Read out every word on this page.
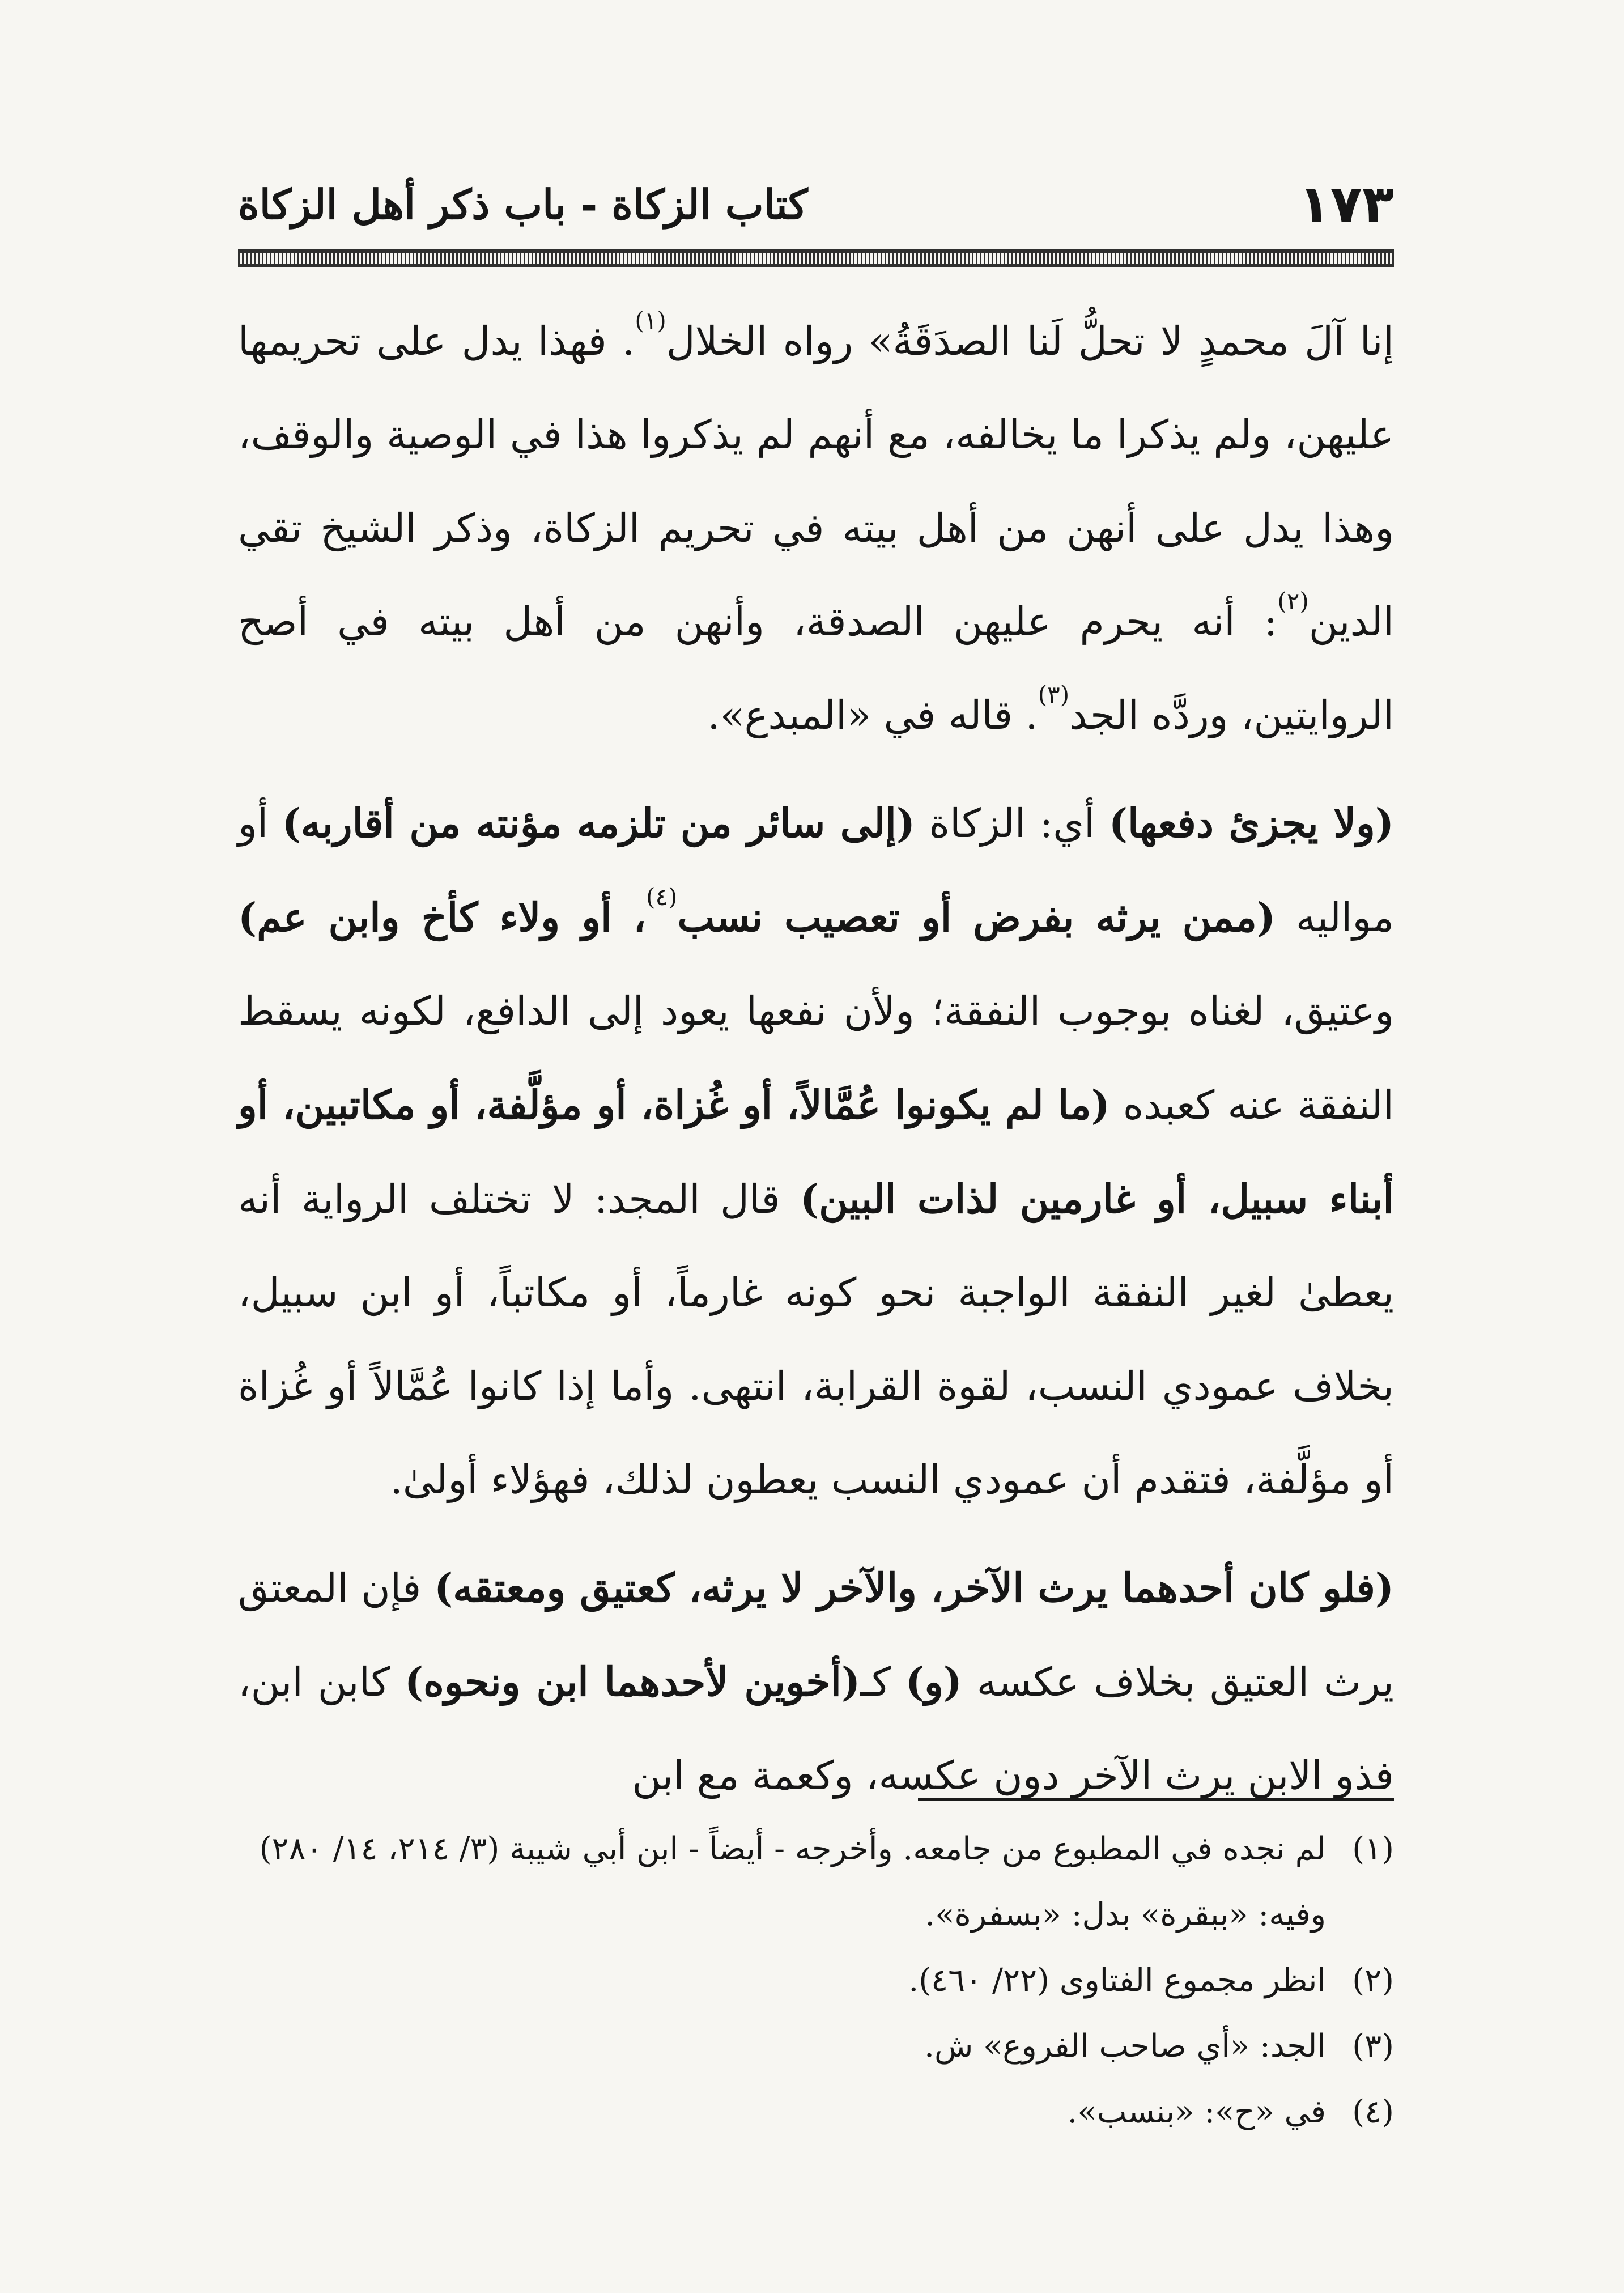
١٧٣
كتاب الزكاة - باب ذكر أهل الزكاة

إنا آلَ محمدٍ لا تحلُّ لَنا الصدَقَةُ» رواه الخلال$^{(١)}$. فهذا يدل على تحريمها عليهن، ولم يذكرا ما يخالفه، مع أنهم لم يذكروا هذا في الوصية والوقف، وهذا يدل على أنهن من أهل بيته في تحريم الزكاة، وذكر الشيخ تقي الدين$^{(٢)}$: أنه يحرم عليهن الصدقة، وأنهن من أهل بيته في أصح الروايتين، وردَّه الجد$^{(٣)}$. قاله في «المبدع».

(ولا يجزئ دفعها) أي: الزكاة (إلى سائر من تلزمه مؤنته من أقاربه) أو مواليه (ممن يرثه بفرض أو تعصيب نسب$^{(٤)}$، أو ولاء كأخ وابن عم) وعتيق، لغناه بوجوب النفقة؛ ولأن نفعها يعود إلى الدافع، لكونه يسقط النفقة عنه كعبده (ما لم يكونوا عُمَّالاً، أو غُزاة، أو مؤلَّفة، أو مكاتبين، أو أبناء سبيل، أو غارمين لذات البين) قال المجد: لا تختلف الرواية أنه يعطىٰ لغير النفقة الواجبة نحو كونه غارماً، أو مكاتباً، أو ابن سبيل، بخلاف عمودي النسب، لقوة القرابة، انتهى. وأما إذا كانوا عُمَّالاً أو غُزاة أو مؤلَّفة، فتقدم أن عمودي النسب يعطون لذلك، فهؤلاء أولىٰ.

(فلو كان أحدهما يرث الآخر، والآخر لا يرثه، كعتيق ومعتقه) فإن المعتق يرث العتيق بخلاف عكسه (و) كـ(أخوين لأحدهما ابن ونحوه) كابن ابن، فذو الابن يرث الآخر دون عكسه، وكعمة مع ابن

(١)
لم نجده في المطبوع من جامعه. وأخرجه - أيضاً - ابن أبي شيبة (٣/ ٢١٤، ١٤/ ٢٨٠) وفيه: «ببقرة» بدل: «بسفرة».
(٢)
انظر مجموع الفتاوى (٢٢/ ٤٦٠).
(٣)
الجد: «أي صاحب الفروع» ش.
(٤)
في «ح»: «بنسب».
